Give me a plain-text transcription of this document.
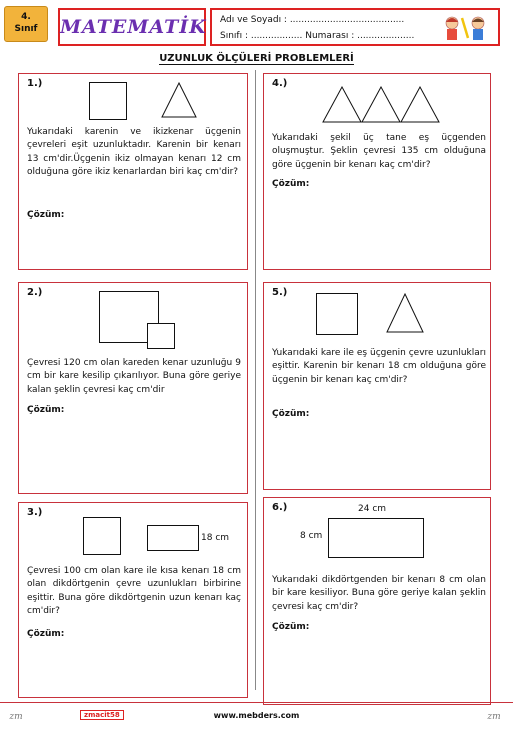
4.
Sınıf	MATEMATİK Adı ve Soyadı : ........................................
Sınıfı : .................. Numarası : ....................
UZUNLUK ÖLÇÜLERİ PROBLEMLERİ
1.)
Yukarıdaki karenin ve ikizkenar üçgenin çevreleri eşit uzunluktadır. Karenin bir kenarı 13 cm'dir.Üçgenin ikiz olmayan kenarı 12 cm olduğuna göre ikiz kenarlardan biri kaç cm'dir?
Çözüm:
2.)
Çevresi 120 cm olan kareden kenar uzunluğu 9 cm bir kare kesilip çıkarılıyor. Buna göre geriye kalan şeklin çevresi kaç cm'dir
Çözüm:
3.)
18 cm
Çevresi 100 cm olan kare ile kısa kenarı 18 cm olan dikdörtgenin çevre uzunlukları birbirine eşittir. Buna göre dikdörtgenin uzun kenarı kaç cm'dir?
Çözüm:
4.)
Yukarıdaki şekil üç tane eş üçgenden oluşmuştur. Şeklin çevresi 135 cm olduğuna göre üçgenin bir kenarı kaç cm'dir?
Çözüm:
5.)
Yukarıdaki kare ile eş üçgenin çevre uzunlukları eşittir. Karenin bir kenarı 18 cm olduğuna göre üçgenin bir kenarı kaç cm'dir?
Çözüm:
6.)	24 cm
8 cm
Yukarıdaki dikdörtgenden bir kenarı 8 cm olan bir kare kesiliyor. Buna göre geriye kalan şeklin çevresi kaç cm'dir?
Çözüm:
zm	zmacit58	www.mebders.com	zm
